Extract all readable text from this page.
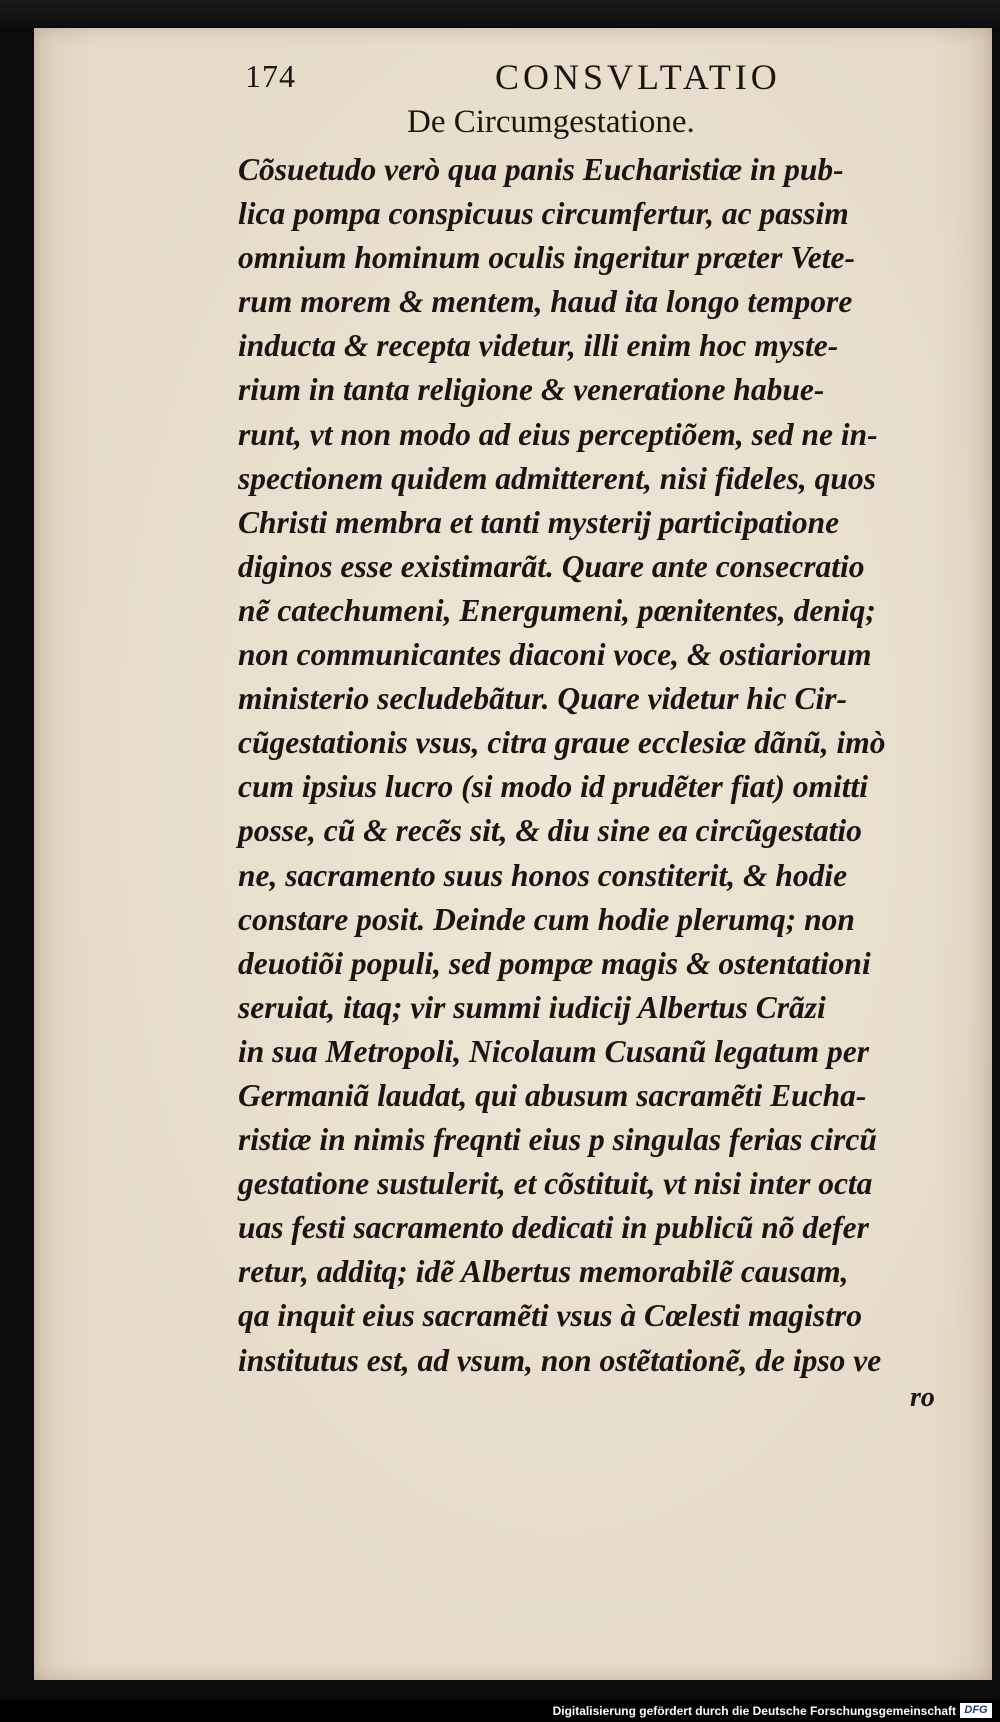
174	CONSVLTATIO
De Circumgestatione.
Cõsuetudo verò qua panis Eucharistiæ in pub-
lica pompa conspicuus circumfertur, ac passim
omnium hominum oculis ingeritur præter Vete-
rum morem & mentem, haud ita longo tempore
inducta & recepta videtur, illi enim hoc myste-
rium in tanta religione & veneratione habue-
runt, vt non modo ad eius perceptiõem, sed ne in-
spectionem quidem admitterent, nisi fideles, quos
Christi membra et tanti mysterij participatione
diginos esse existimarãt. Quare ante consecratio
nẽ catechumeni, Energumeni, pœnitentes, deniq;
non communicantes diaconi voce, & ostiariorum
ministerio secludebãtur. Quare videtur hic Cir-
cũgestationis vsus, citra graue ecclesiæ dãnũ, imò
cum ipsius lucro (si modo id prudẽter fiat) omitti
posse, cũ & recẽs sit, & diu sine ea circũgestatio
ne, sacramento suus honos constiterit, & hodie
constare posit. Deinde cum hodie plerumq; non
deuotiõi populi, sed pompæ magis & ostentationi
seruiat, itaq; vir summi iudicij Albertus Crãzi
in sua Metropoli, Nicolaum Cusanũ legatum per
Germaniã laudat, qui abusum sacramẽti Eucha-
ristiæ in nimis freqnti eius p singulas ferias circũ
gestatione sustulerit, et cõstituit, vt nisi inter octa
uas festi sacramento dedicati in publicũ nõ defer
retur, additq; idẽ Albertus memorabilẽ causam,
qa inquit eius sacramẽti vsus à Cœlesti magistro
institutus est, ad vsum, non ostẽtationẽ, de ipso ve
ro
Digitalisierung gefördert durch die Deutsche Forschungsgemeinschaft DFG
